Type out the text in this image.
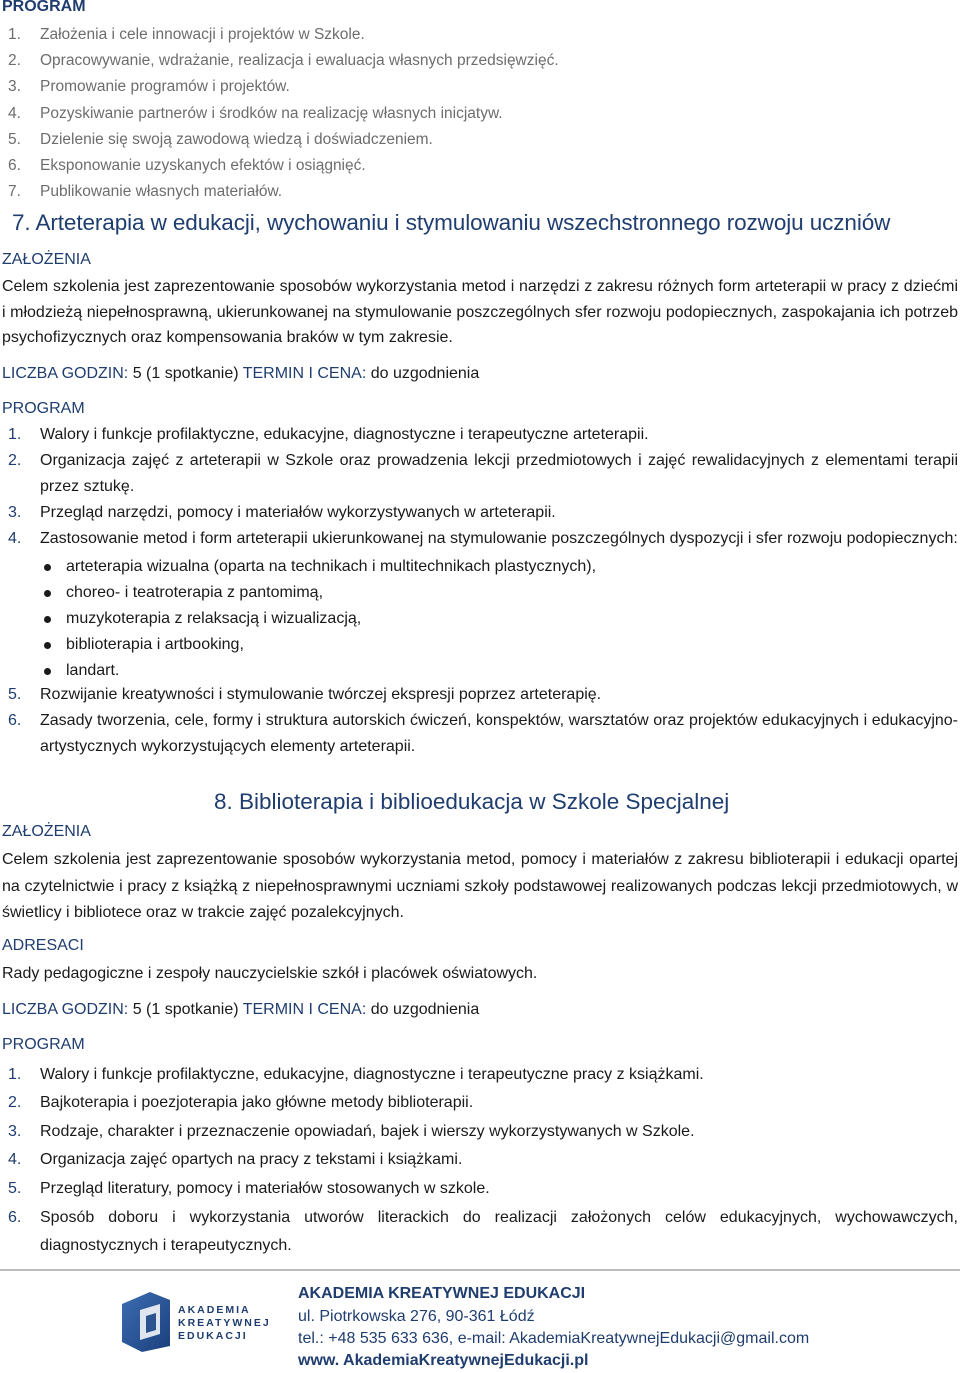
PROGRAM
1. Założenia i cele innowacji i projektów w Szkole.
2. Opracowywanie, wdrażanie, realizacja i ewaluacja własnych przedsięwzięć.
3. Promowanie programów i projektów.
4. Pozyskiwanie partnerów i środków na realizację własnych inicjatyw.
5. Dzielenie się swoją zawodową wiedzą i doświadczeniem.
6. Eksponowanie uzyskanych efektów i osiągnięć.
7. Publikowanie własnych materiałów.
7. Arteterapia w edukacji, wychowaniu i stymulowaniu wszechstronnego rozwoju uczniów
ZAŁOŻENIA
Celem szkolenia jest zaprezentowanie sposobów wykorzystania metod i narzędzi z zakresu różnych form arteterapii w pracy z dziećmi i młodzieżą niepełnosprawną, ukierunkowanej na stymulowanie poszczególnych sfer rozwoju podopiecznych, zaspokajania ich potrzeb psychofizycznych oraz kompensowania braków w tym zakresie.
LICZBA GODZIN: 5 (1 spotkanie) TERMIN I CENA: do uzgodnienia
PROGRAM
1. Walory i funkcje profilaktyczne, edukacyjne, diagnostyczne i terapeutyczne arteterapii.
2. Organizacja zajęć z arteterapii w Szkole oraz prowadzenia lekcji przedmiotowych i zajęć rewalidacyjnych z elementami terapii przez sztukę.
3. Przegląd narzędzi, pomocy i materiałów wykorzystywanych w arteterapii.
4. Zastosowanie metod i form arteterapii ukierunkowanej na stymulowanie poszczególnych dyspozycji i sfer rozwoju podopiecznych:
arteterapia wizualna (oparta na technikach i multitechnikach plastycznych),
choreo- i teatroterapia z pantomimą,
muzykoterapia z relaksacją i wizualizacją,
biblioterapia i artbooking,
landart.
5. Rozwijanie kreatywności i stymulowanie twórczej ekspresji poprzez arteterapię.
6. Zasady tworzenia, cele, formy i struktura autorskich ćwiczeń, konspektów, warsztatów oraz projektów edukacyjnych i edukacyjno-artystycznych wykorzystujących elementy arteterapii.
8. Biblioterapia i biblioedukacja w Szkole Specjalnej
ZAŁOŻENIA
Celem szkolenia jest zaprezentowanie sposobów wykorzystania metod, pomocy i materiałów z zakresu biblioterapii i edukacji opartej na czytelnictwie i pracy z książką z niepełnosprawnymi uczniami szkoły podstawowej realizowanych podczas lekcji przedmiotowych, w świetlicy i bibliotece oraz w trakcie zajęć pozalekcyjnych.
ADRESACI
Rady pedagogiczne i zespoły nauczycielskie szkół i placówek oświatowych.
LICZBA GODZIN: 5 (1 spotkanie) TERMIN I CENA: do uzgodnienia
PROGRAM
1. Walory i funkcje profilaktyczne, edukacyjne, diagnostyczne i terapeutyczne pracy z książkami.
2. Bajkoterapia i poezjoterapia jako główne metody biblioterapii.
3. Rodzaje, charakter i przeznaczenie opowiadań, bajek i wierszy wykorzystywanych w Szkole.
4. Organizacja zajęć opartych na pracy z tekstami i książkami.
5. Przegląd literatury, pomocy i materiałów stosowanych w szkole.
6. Sposób doboru i wykorzystania utworów literackich do realizacji założonych celów edukacyjnych, wychowawczych, diagnostycznych i terapeutycznych.
AKADEMIA
KREATYWNEJ
EDUKACJI
AKADEMIA KREATYWNEJ EDUKACJI
ul. Piotrkowska 276, 90-361 Łódź
tel.: +48 535 633 636, e-mail: AkademiaKreatywnejEdukacji@gmail.com
www. AkademiaKreatywnejEdukacji.pl
